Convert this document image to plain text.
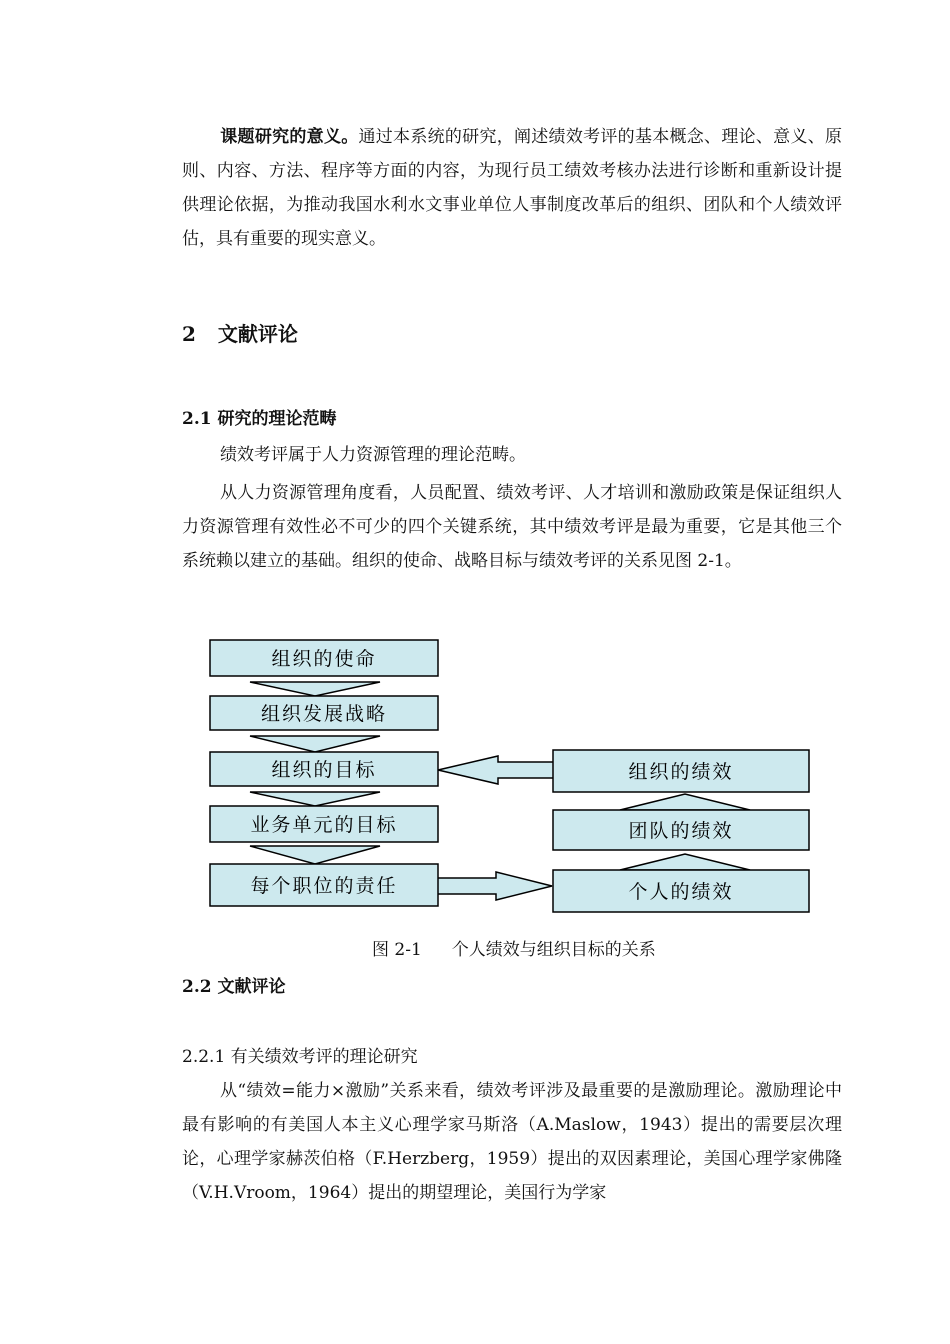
课题研究的意义。通过本系统的研究，阐述绩效考评的基本概念、理论、意义、原则、内容、方法、程序等方面的内容，为现行员工绩效考核办法进行诊断和重新设计提供理论依据，为推动我国水利水文事业单位人事制度改革后的组织、团队和个人绩效评估，具有重要的现实意义。
2 文献评论
2.1 研究的理论范畴
绩效考评属于人力资源管理的理论范畴。
从人力资源管理角度看，人员配置、绩效考评、人才培训和激励政策是保证组织人力资源管理有效性必不可少的四个关键系统，其中绩效考评是最为重要，它是其他三个系统赖以建立的基础。组织的使命、战略目标与绩效考评的关系见图 2-1。
组织的使命
组织发展战略
组织的目标
业务单元的目标
每个职位的责任
组织的绩效
团队的绩效
个人的绩效
图 2-1 个人绩效与组织目标的关系
2.2 文献评论
2.2.1 有关绩效考评的理论研究
从“绩效=能力×激励”关系来看，绩效考评涉及最重要的是激励理论。激励理论中最有影响的有美国人本主义心理学家马斯洛（A.Maslow，1943）提出的需要层次理论，心理学家赫茨伯格（F.Herzberg，1959）提出的双因素理论，美国心理学家佛隆（V.H.Vroom，1964）提出的期望理论，美国行为学家
